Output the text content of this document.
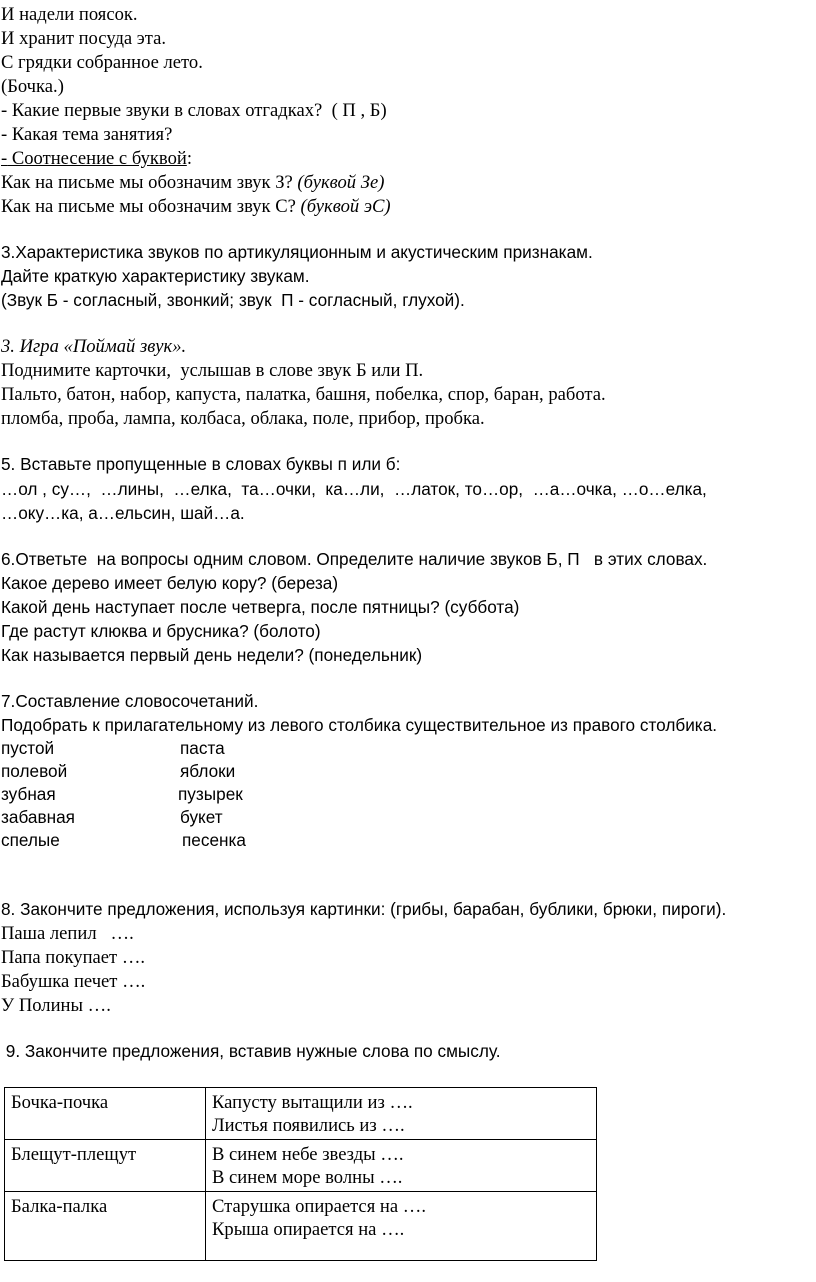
И надели поясок.
И хранит посуда эта.
С грядки собранное лето.
(Бочка.)
- Какие первые звуки в словах отгадках?  ( П , Б)
- Какая тема занятия?
- Соотнесение с буквой:
Как на письме мы обозначим звук З? (буквой Зе)
Как на письме мы обозначим звук С? (буквой эС)
3.Характеристика звуков по артикуляционным и акустическим признакам.
Дайте краткую характеристику звукам.
(Звук Б - согласный, звонкий; звук  П - согласный, глухой).
3. Игра «Поймай звук».
Поднимите карточки,  услышав в слове звук Б или П.
Пальто, батон, набор, капуста, палатка, башня, побелка, спор, баран, работа.
пломба, проба, лампа, колбаса, облака, поле, прибор, пробка.
5. Вставьте пропущенные в словах буквы п или б:
…ол , су…,  …лины,  …елка,  та…очки,  ка…ли,  …латок, то…ор,  …а…очка, …о…елка,
…оку…ка, а…ельсин, шай…а.
6.Ответьте  на вопросы одним словом. Определите наличие звуков Б, П   в этих словах.
Какое дерево имеет белую кору? (береза)
Какой день наступает после четверга, после пятницы? (суббота)
Где растут клюква и брусника? (болото)
Как называется первый день недели? (понедельник)
7.Составление словосочетаний.
Подобрать к прилагательному из левого столбика существительное из правого столбика.
пустой	паста
полевой	яблоки
зубная	пузырек
забавная	букет
спелые	песенка
8. Закончите предложения, используя картинки: (грибы, барабан, бублики, брюки, пироги).
Паша лепил   ….
Папа покупает ….
Бабушка печет ….
У Полины ….
9. Закончите предложения, вставив нужные слова по смыслу.
Бочка-почка	Капусту вытащили из ….
Листья появились из ….

Блещут-плещут	В синем небе звезды ….
В синем море волны ….

Балка-палка	Старушка опирается на ….
Крыша опирается на ….
